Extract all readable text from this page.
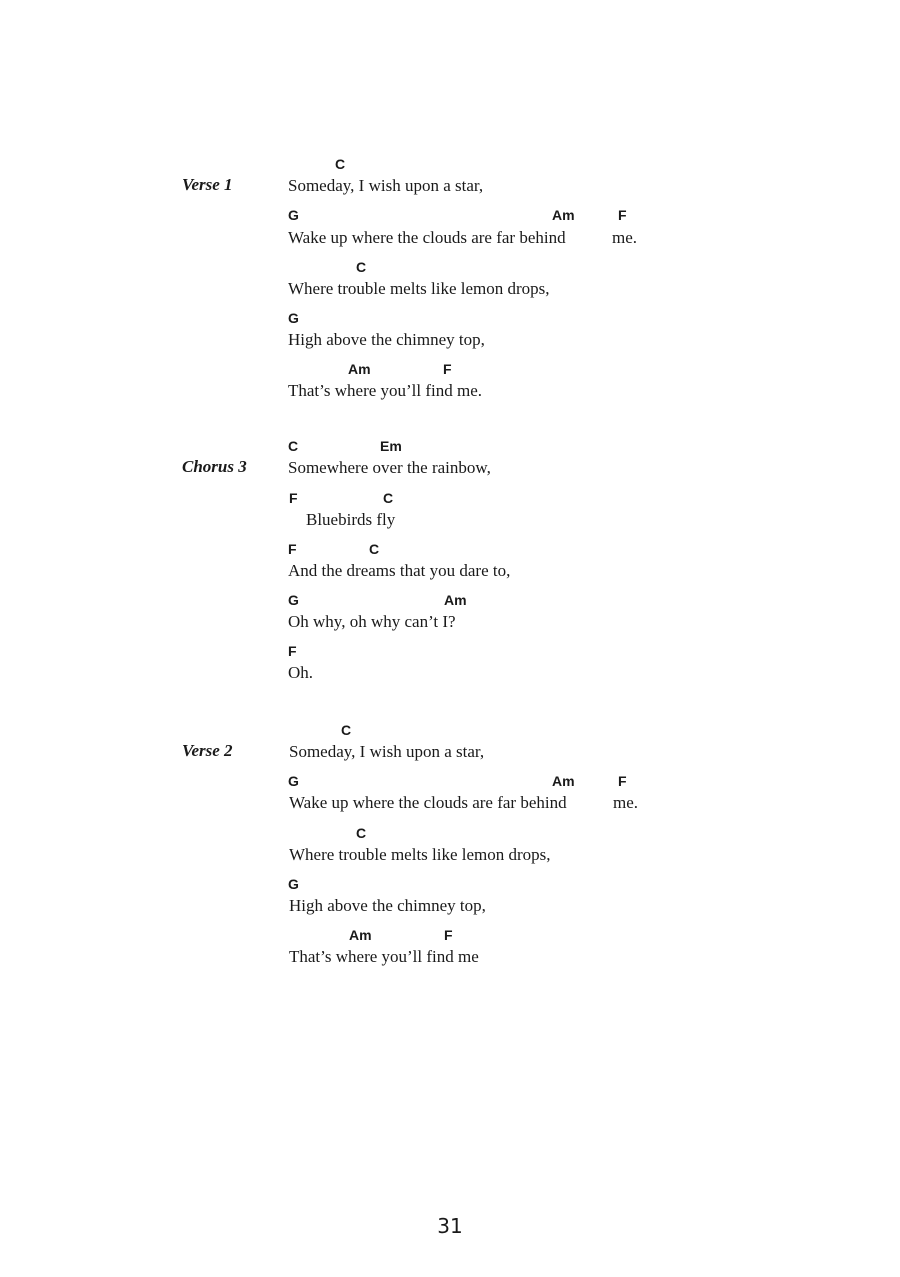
Verse 1
C
Someday, I wish upon a star,
G	Am	F
Wake up where the clouds are far behind	me.
C
Where trouble melts like lemon drops,
G
High above the chimney top,
Am	F
That’s where you’ll find me.
Chorus 3
C	Em
Somewhere over the rainbow,
F	C
Bluebirds fly
F	C
And the dreams that you dare to,
G	Am
Oh why, oh why can’t I?
F
Oh.
Verse 2
C
Someday, I wish upon a star,
G	Am	F
Wake up where the clouds are far behind	me.
C
Where trouble melts like lemon drops,
G
High above the chimney top,
Am	F
That’s where you’ll find me
31
